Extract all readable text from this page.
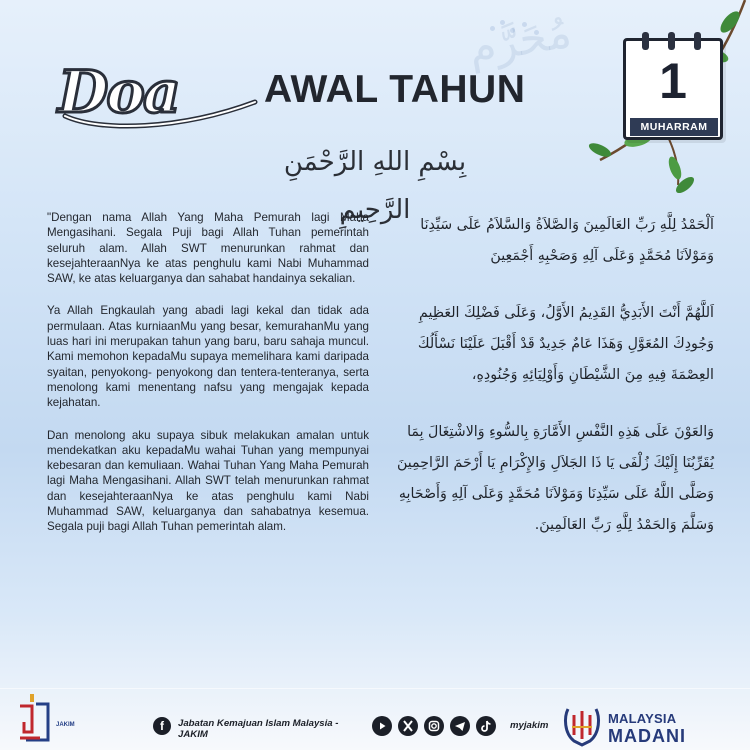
مُحَرَّم
Doa	AWAL TAHUN	1
MUHARRAM
بِسْمِ اللهِ الرَّحْمَنِ الرَّحِيمِ

"Dengan nama Allah Yang Maha Pemurah lagi Maha Mengasihani. Segala Puji bagi Allah Tuhan pemerintah seluruh alam. Allah SWT menurunkan rahmat dan kesejahteraanNya ke atas penghulu kami Nabi Muhammad SAW, ke atas keluarganya dan sahabat handainya sekalian.

Ya Allah Engkaulah yang abadi lagi kekal dan tidak ada permulaan. Atas kurniaanMu yang besar, kemurahanMu yang luas hari ini merupakan tahun yang baru, baru sahaja muncul. Kami memohon kepadaMu supaya memelihara kami daripada syaitan, penyokong- penyokong dan tentera-tenteranya, serta menolong kami menentang nafsu yang mengajak kepada kejahatan.

Dan menolong aku supaya sibuk melakukan amalan untuk mendekatkan aku kepadaMu wahai Tuhan yang mempunyai kebesaran dan kemuliaan. Wahai Tuhan Yang Maha Pemurah lagi Maha Mengasihani. Allah SWT telah menurunkan rahmat dan kesejahteraanNya ke atas penghulu kami Nabi Muhammad SAW, keluarganya dan sahabatnya kesemua. Segala puji bagi Allah Tuhan pemerintah alam.

اَلْحَمْدُ لِلَّهِ رَبِّ العَالَمِينَ وَالصَّلاَةُ وَالسَّلاَمُ عَلَى سَيِّدِنَا وَمَوْلاَنَا مُحَمَّدٍ وَعَلَى آلِهِ وَصَحْبِهِ أَجْمَعِينَ

اَللَّهُمَّ أَنْتَ الأَبَدِيُّ القَدِيمُ الأَوَّلُ، وَعَلَى فَضْلِكَ العَظِيمِ وَجُودِكَ المُعَوَّلِ وَهَذَا عَامٌ جَدِيدٌ قَدْ أَقْبَلَ عَلَيْنَا نَسْأَلُكَ العِصْمَةَ فِيهِ مِنَ الشَّيْطَانِ وَأَوْلِيَائِهِ وَجُنُودِهِ،

وَالعَوْنَ عَلَى هَذِهِ النَّفْسِ الأَمَّارَةِ بِالسُّوءِ وَالاشْتِغَالَ بِمَا يُقَرِّبُنَا إِلَيْكَ زُلْفَى يَا ذَا الجَلاَلِ وَالإِكْرَامِ يَا أَرْحَمَ الرَّاحِمِينَ وَصَلَّى اللَّهُ عَلَى سَيِّدِنَا وَمَوْلاَنَا مُحَمَّدٍ وَعَلَى آلِهِ وَأَصْحَابِهِ وَسَلَّمَ وَالحَمْدُ لِلَّهِ رَبِّ العَالَمِينَ.

JAKIM	f	Jabatan Kemajuan Islam Malaysia - JAKIM
myjakim	MALAYSIA
MADANI
